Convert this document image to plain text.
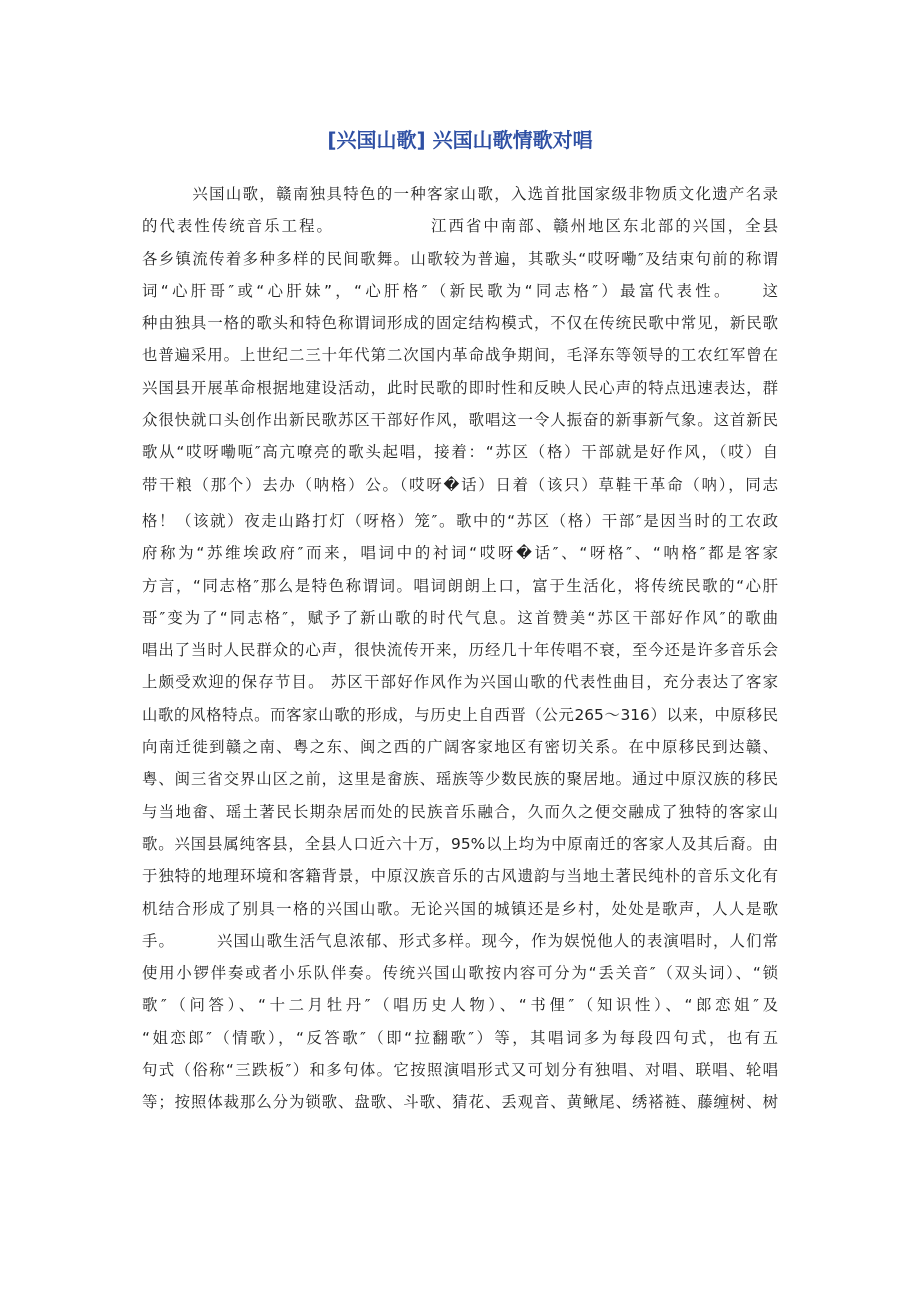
[兴国山歌] 兴国山歌情歌对唱
　　　兴国山歌，赣南独具特色的一种客家山歌，入选首批国家级非物质文化遗产名录
的代表性传统音乐工程。　　　　　　江西省中南部、赣州地区东北部的兴国，全县
各乡镇流传着多种多样的民间歌舞。山歌较为普遍，其歌头“哎呀嘞″及结束句前的称谓
词“心肝哥″或“心肝妹”，“心肝格″（新民歌为“同志格″）最富代表性。　　这
种由独具一格的歌头和特色称谓词形成的固定结构模式，不仅在传统民歌中常见，新民歌
也普遍采用。上世纪二三十年代第二次国内革命战争期间，毛泽东等领导的工农红军曾在
兴国县开展革命根据地建设活动，此时民歌的即时性和反映人民心声的特点迅速表达，群
众很快就口头创作出新民歌苏区干部好作风，歌唱这一令人振奋的新事新气象。这首新民
歌从“哎呀嘞呃″高亢嘹亮的歌头起唱，接着：“苏区（格）干部就是好作风，（哎）自
带干粮（那个）去办（呐格）公。（哎呀�话）日着（该只）草鞋干革命（呐），同志
格！（该就）夜走山路打灯（呀格）笼″。歌中的“苏区（格）干部″是因当时的工农政
府称为“苏维埃政府″而来，唱词中的衬词“哎呀�话″、“呀格″、“呐格″都是客家
方言，“同志格″那么是特色称谓词。唱词朗朗上口，富于生活化，将传统民歌的“心肝
哥″变为了“同志格″，赋予了新山歌的时代气息。这首赞美“苏区干部好作风″的歌曲
唱出了当时人民群众的心声，很快流传开来，历经几十年传唱不衰，至今还是许多音乐会
上颇受欢迎的保存节目。 苏区干部好作风作为兴国山歌的代表性曲目，充分表达了客家
山歌的风格特点。而客家山歌的形成，与历史上自西晋（公元265～316）以来，中原移民
向南迁徙到赣之南、粤之东、闽之西的广阔客家地区有密切关系。在中原移民到达赣、
粤、闽三省交界山区之前，这里是畲族、瑶族等少数民族的聚居地。通过中原汉族的移民
与当地畲、瑶土著民长期杂居而处的民族音乐融合，久而久之便交融成了独特的客家山
歌。兴国县属纯客县，全县人口近六十万，95%以上均为中原南迁的客家人及其后裔。由
于独特的地理环境和客籍背景，中原汉族音乐的古风遗韵与当地土著民纯朴的音乐文化有
机结合形成了别具一格的兴国山歌。无论兴国的城镇还是乡村，处处是歌声，人人是歌
手。　　　兴国山歌生活气息浓郁、形式多样。现今，作为娱悦他人的表演唱时，人们常
使用小锣伴奏或者小乐队伴奏。传统兴国山歌按内容可分为“丢关音″（双头词）、“锁
歌″（问答）、“十二月牡丹″（唱历史人物）、“书俚″（知识性）、“郎恋姐″及
“姐恋郎″（情歌），“反答歌″（即“拉翻歌″）等，其唱词多为每段四句式，也有五
句式（俗称“三跌板″）和多句体。它按照演唱形式又可划分有独唱、对唱、联唱、轮唱
等；按照体裁那么分为锁歌、盘歌、斗歌、猜花、丢观音、黄鳅尾、绣褡裢、藤缠树、树
